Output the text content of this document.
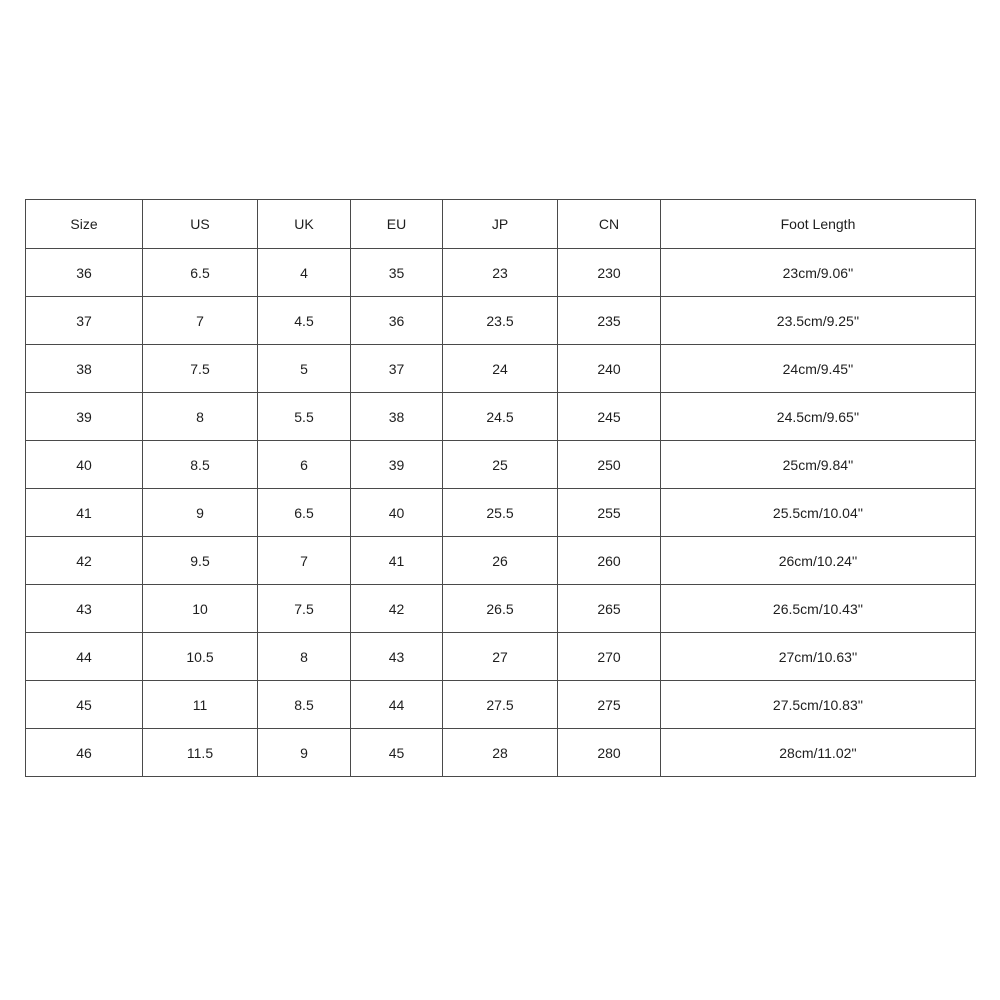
Size	US	UK	EU	JP	CN	Foot Length
36	6.5	4	35	23	230	23cm/9.06''
37	7	4.5	36	23.5	235	23.5cm/9.25''
38	7.5	5	37	24	240	24cm/9.45''
39	8	5.5	38	24.5	245	24.5cm/9.65''
40	8.5	6	39	25	250	25cm/9.84''
41	9	6.5	40	25.5	255	25.5cm/10.04''
42	9.5	7	41	26	260	26cm/10.24''
43	10	7.5	42	26.5	265	26.5cm/10.43''
44	10.5	8	43	27	270	27cm/10.63''
45	11	8.5	44	27.5	275	27.5cm/10.83''
46	11.5	9	45	28	280	28cm/11.02''
